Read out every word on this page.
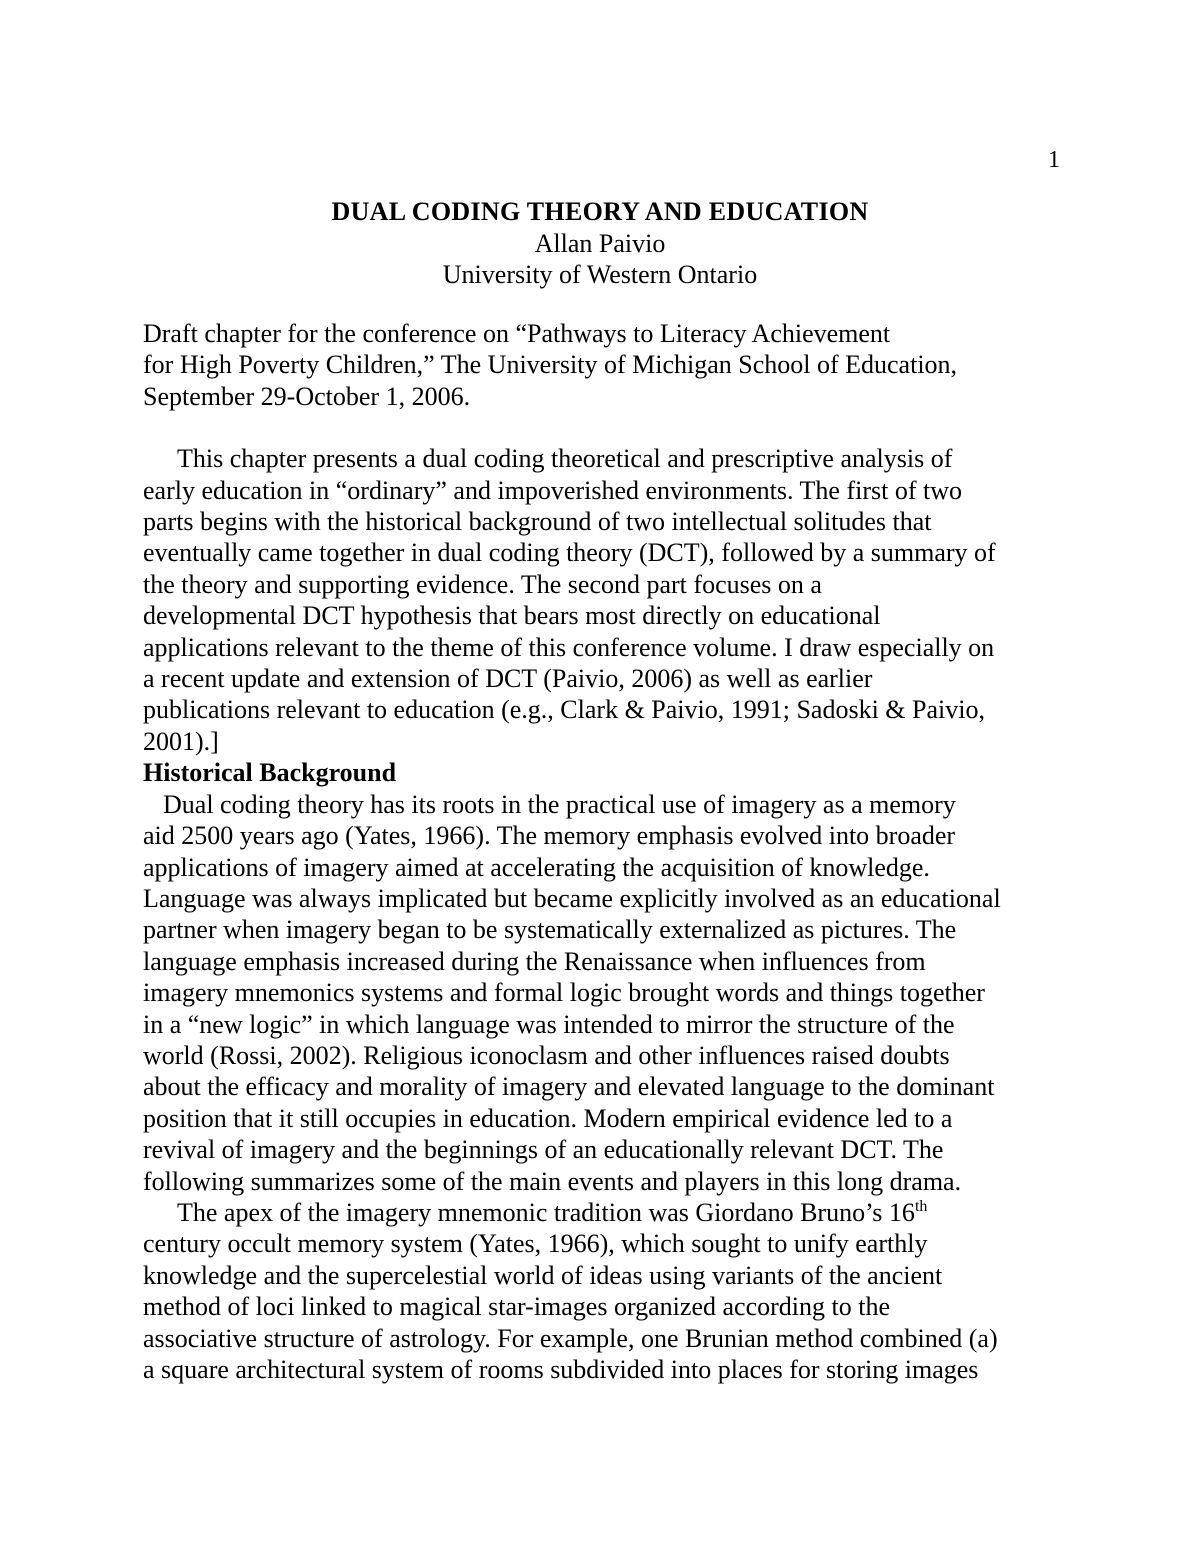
1
DUAL CODING THEORY AND EDUCATION
Allan Paivio
University of Western Ontario
Draft chapter for the conference on “Pathways to Literacy Achievement
for High Poverty Children,” The University of Michigan School of Education,
September 29-October 1, 2006.
This chapter presents a dual coding theoretical and prescriptive analysis of
early education in “ordinary” and impoverished environments. The first of two
parts begins with the historical background of two intellectual solitudes that
eventually came together in dual coding theory (DCT), followed by a summary of
the theory and supporting evidence. The second part focuses on a
developmental DCT hypothesis that bears most directly on educational
applications relevant to the theme of this conference volume. I draw especially on
a recent update and extension of DCT (Paivio, 2006) as well as earlier
publications relevant to education (e.g., Clark & Paivio, 1991; Sadoski & Paivio,
2001).]
Historical Background
Dual coding theory has its roots in the practical use of imagery as a memory
aid 2500 years ago (Yates, 1966). The memory emphasis evolved into broader
applications of imagery aimed at accelerating the acquisition of knowledge.
Language was always implicated but became explicitly involved as an educational
partner when imagery began to be systematically externalized as pictures. The
language emphasis increased during the Renaissance when influences from
imagery mnemonics systems and formal logic brought words and things together
in a “new logic” in which language was intended to mirror the structure of the
world (Rossi, 2002). Religious iconoclasm and other influences raised doubts
about the efficacy and morality of imagery and elevated language to the dominant
position that it still occupies in education. Modern empirical evidence led to a
revival of imagery and the beginnings of an educationally relevant DCT. The
following summarizes some of the main events and players in this long drama.
The apex of the imagery mnemonic tradition was Giordano Bruno’s 16th
century occult memory system (Yates, 1966), which sought to unify earthly
knowledge and the supercelestial world of ideas using variants of the ancient
method of loci linked to magical star-images organized according to the
associative structure of astrology. For example, one Brunian method combined (a)
a square architectural system of rooms subdivided into places for storing images
